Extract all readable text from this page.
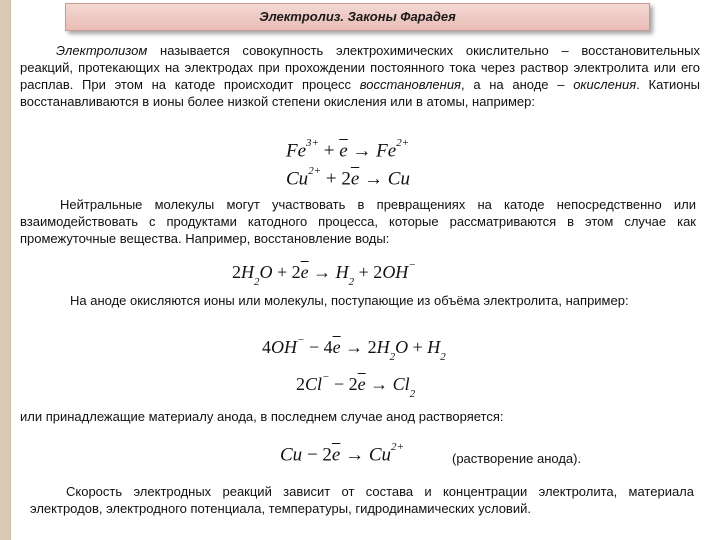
Электролиз. Законы Фарадея
Электролизом называется совокупность электрохимических окислительно – восстановительных реакций, протекающих на электродах при прохождении постоянного тока через раствор электролита или его расплав. При этом на катоде происходит процесс восстановления, а на аноде – окисления. Катионы восстанавливаются в ионы более низкой степени окисления или в атомы, например:
$Fe^{3+} + \overline{e} \to Fe^{2+}$
$Cu^{2+} + 2\overline{e} \to Cu$
Нейтральные молекулы могут участвовать в превращениях на катоде непосредственно или взаимодействовать с продуктами катодного процесса, которые рассматриваются в этом случае как промежуточные вещества. Например, восстановление воды:
$2H_2O + 2\overline{e} \to H_2 + 2OH^-$
На аноде окисляются ионы или молекулы, поступающие из объёма электролита, например:
$4OH^- - 4\overline{e} \to 2H_2O + H_2$
$2Cl^- - 2\overline{e} \to Cl_2$
или принадлежащие материалу анода, в последнем случае анод растворяется:
$Cu - 2\overline{e} \to Cu^{2+}$
(растворение анода).
Скорость электродных реакций зависит от состава и концентрации электролита, материала электродов, электродного потенциала, температуры, гидродинамических условий.
